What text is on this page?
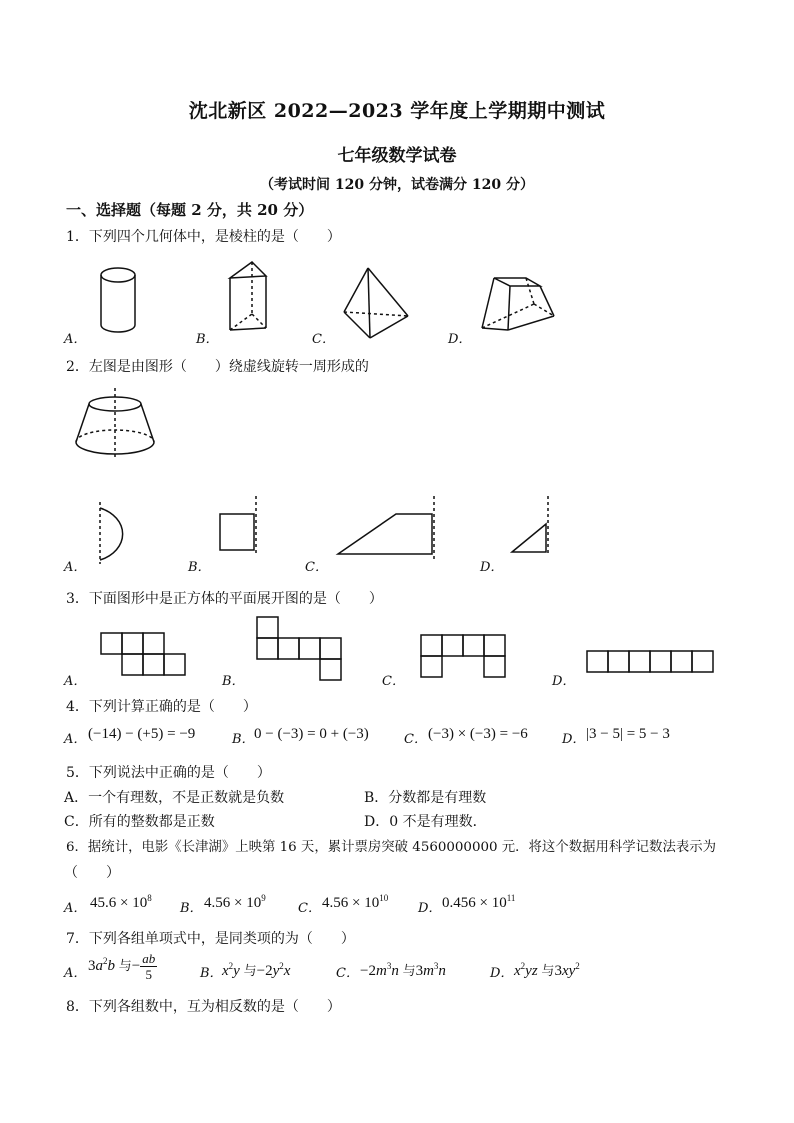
沈北新区 2022—2023 学年度上学期期中测试
七年级数学试卷
（考试时间 120 分钟，试卷满分 120 分）
一、选择题（每题 2 分，共 20 分）
1．下列四个几何体中，是棱柱的是（　　）
A．	B．	C．	D．
2．左图是由图形（　　）绕虚线旋转一周形成的
A．	B．	C．	D．
3．下面图形中是正方体的平面展开图的是（　　）
A．	B．	C．	D．
4．下列计算正确的是（　　）
A． (−14) − (+5) = −9	B． 0 − (−3) = 0 + (−3)	C． (−3) × (−3) = −6	D． |3 − 5| = 5 − 3
5．下列说法中正确的是（　　）
A．一个有理数，不是正数就是负数	B．分数都是有理数
C．所有的整数都是正数	D．0 不是有理数．
6．据统计，电影《长津湖》上映第 16 天，累计票房突破 4560000000 元．将这个数据用科学记数法表示为
（　　）
A． $45.6 \times 10^8$
B． $4.56 \times 10^9$
C． $4.56 \times 10^{10}$
D． $0.456 \times 10^{11}$
7．下列各组单项式中，是同类项的为（　　）
A． $3a^2b$ 与− $\frac{ab}{5}$	B． $x^2y$ 与$-2y^2x$	C． $-2m^3n$ 与$3m^3n$	D． $x^2yz$ 与$3xy^2$
8．下列各组数中，互为相反数的是（　　）
